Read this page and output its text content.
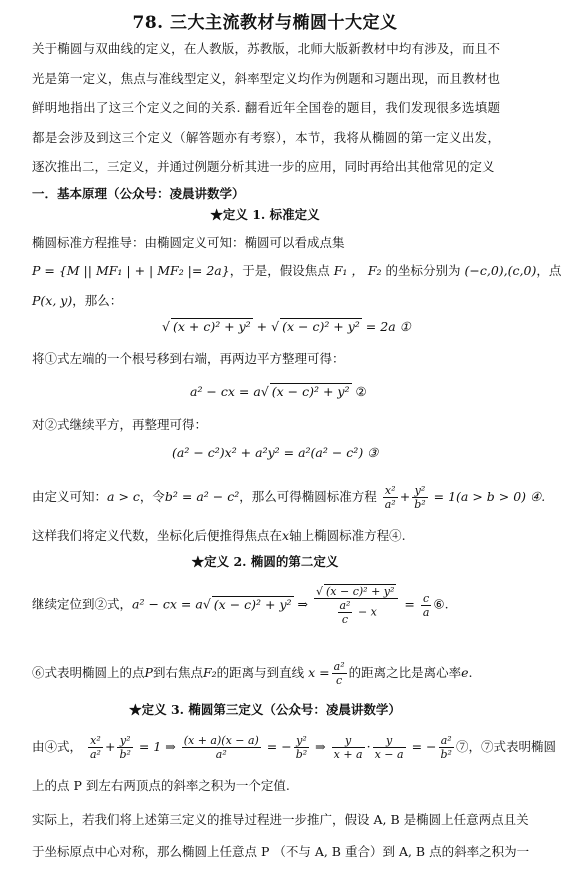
78. 三大主流教材与椭圆十大定义
关于椭圆与双曲线的定义，在人教版，苏教版，北师大版新教材中均有涉及，而且不光是第一定义，焦点与准线型定义，斜率型定义均作为例题和习题出现，而且教材也鲜明地指出了这三个定义之间的关系. 翻看近年全国卷的题目，我们发现很多选填题都是会涉及到这三个定义（解答题亦有考察），本节，我将从椭圆的第一定义出发，逐次推出二，三定义，并通过例题分析其进一步的应用，同时再给出其他常见的定义
一．基本原理（公众号：凌晨讲数学）
★定义 1. 标准定义
椭圆标准方程推导：由椭圆定义可知：椭圆可以看成点集
P = {M || MF₁ | + | MF₂ |= 2a}，于是，假设焦点 F₁ ， F₂ 的坐标分别为 (−c,0),(c,0)，点
P(x, y)，那么：
√ (x + c)² + y² + √ (x − c)² + y² = 2a ①
将①式左端的一个根号移到右端，再两边平方整理可得：
a² − cx = a√ (x − c)² + y² ②
对②式继续平方，再整理可得：
(a² − c²)x² + a²y² = a²(a² − c²) ③
由定义可知：a > c，令b² = a² − c²，那么可得椭圆标准方程 $\frac{\text{x²}}{\text{a²}} + \frac{\text{y²}}{\text{b²}} = 1(a > b > 0)$ ④.
这样我们将定义代数，坐标化后便推得焦点在x轴上椭圆标准方程④.
★定义 2. 椭圆的第二定义
继续定位到②式，a² − cx = a√ (x − c)² + y² ⇒ $\frac{\text{√ (x − c)² + y²}}{\frac{\text{a²}}{c} - x} = \frac{c}{a}$ ⑥.
⑥式表明椭圆上的点P到右焦点F₂的距离与到直线 $x = \frac{\text{a²}}{c}$ 的距离之比是离心率e.
★定义 3. 椭圆第三定义（公众号：凌晨讲数学）
由④式， $\frac{\text{x²}}{\text{a²}} + \frac{\text{y²}}{\text{b²}} = 1$ ⇒ $\frac{(x + a)(x - a)}{\text{a²}}$ = − $\frac{\text{y²}}{\text{b²}}$ ⇒ $\frac{y}{x + a} \cdot \frac{y}{x - a}$ = − $\frac{\text{a²}}{\text{b²}}$ ⑦，⑦式表明椭圆
上的点 P 到左右两顶点的斜率之积为一个定值.
实际上，若我们将上述第三定义的推导过程进一步推广，假设 A, B 是椭圆上任意两点且关
于坐标原点中心对称，那么椭圆上任意点 P （不与 A, B 重合）到 A, B 点的斜率之积为一
